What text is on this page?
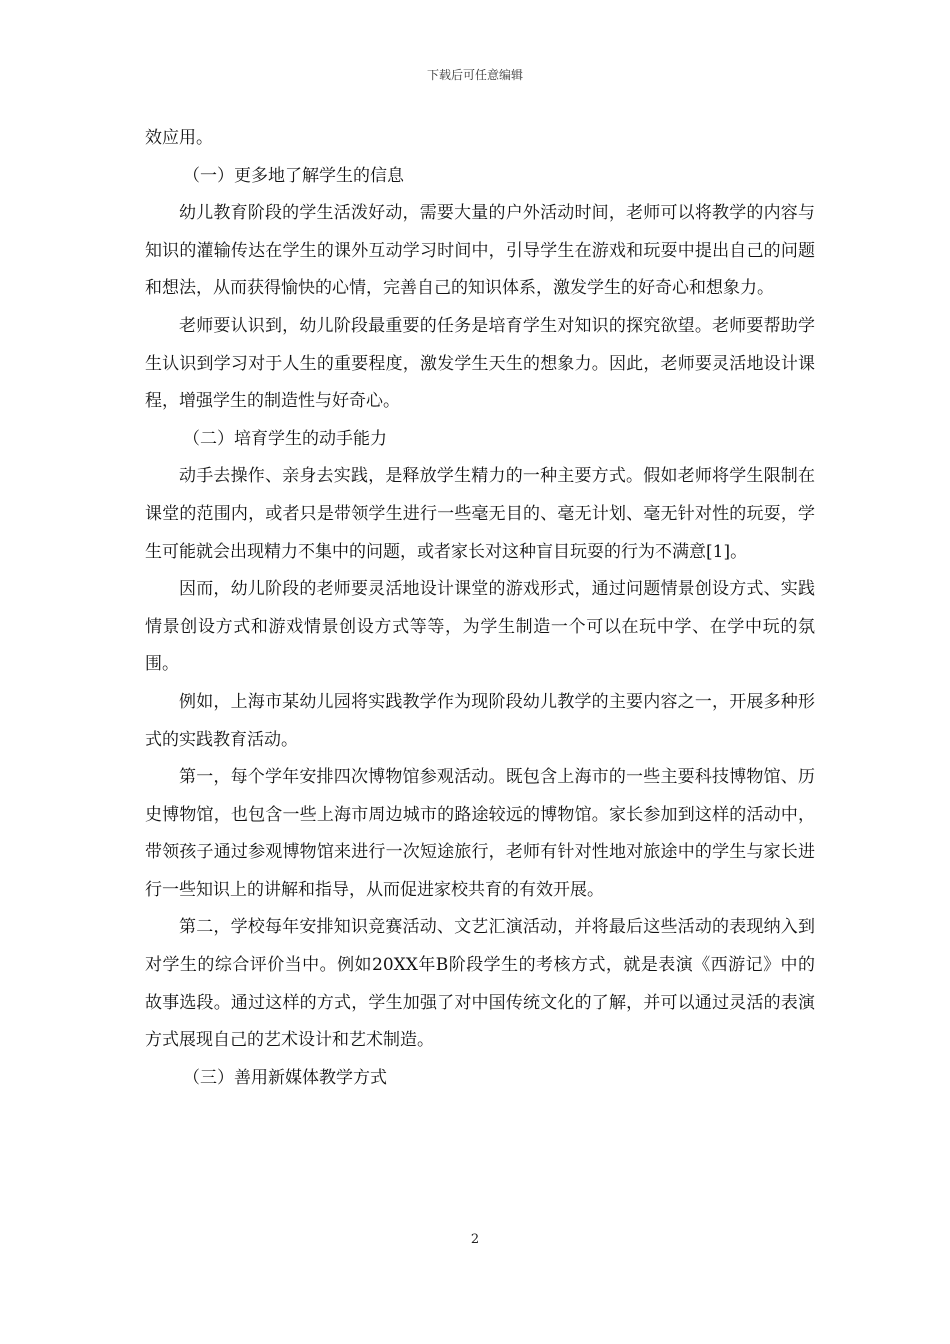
下载后可任意编辑

效应用。

（一）更多地了解学生的信息

幼儿教育阶段的学生活泼好动，需要大量的户外活动时间，老师可以将教学的内容与知识的灌输传达在学生的课外互动学习时间中，引导学生在游戏和玩耍中提出自己的问题和想法，从而获得愉快的心情，完善自己的知识体系，激发学生的好奇心和想象力。

老师要认识到，幼儿阶段最重要的任务是培育学生对知识的探究欲望。老师要帮助学生认识到学习对于人生的重要程度，激发学生天生的想象力。因此，老师要灵活地设计课程，增强学生的制造性与好奇心。

（二）培育学生的动手能力

动手去操作、亲身去实践，是释放学生精力的一种主要方式。假如老师将学生限制在课堂的范围内，或者只是带领学生进行一些毫无目的、毫无计划、毫无针对性的玩耍，学生可能就会出现精力不集中的问题，或者家长对这种盲目玩耍的行为不满意[1]。

因而，幼儿阶段的老师要灵活地设计课堂的游戏形式，通过问题情景创设方式、实践情景创设方式和游戏情景创设方式等等，为学生制造一个可以在玩中学、在学中玩的氛围。

例如，上海市某幼儿园将实践教学作为现阶段幼儿教学的主要内容之一，开展多种形式的实践教育活动。

第一，每个学年安排四次博物馆参观活动。既包含上海市的一些主要科技博物馆、历史博物馆，也包含一些上海市周边城市的路途较远的博物馆。家长参加到这样的活动中，带领孩子通过参观博物馆来进行一次短途旅行，老师有针对性地对旅途中的学生与家长进行一些知识上的讲解和指导，从而促进家校共育的有效开展。

第二，学校每年安排知识竞赛活动、文艺汇演活动，并将最后这些活动的表现纳入到对学生的综合评价当中。例如20XX年B阶段学生的考核方式，就是表演《西游记》中的故事选段。通过这样的方式，学生加强了对中国传统文化的了解，并可以通过灵活的表演方式展现自己的艺术设计和艺术制造。

（三）善用新媒体教学方式

2
